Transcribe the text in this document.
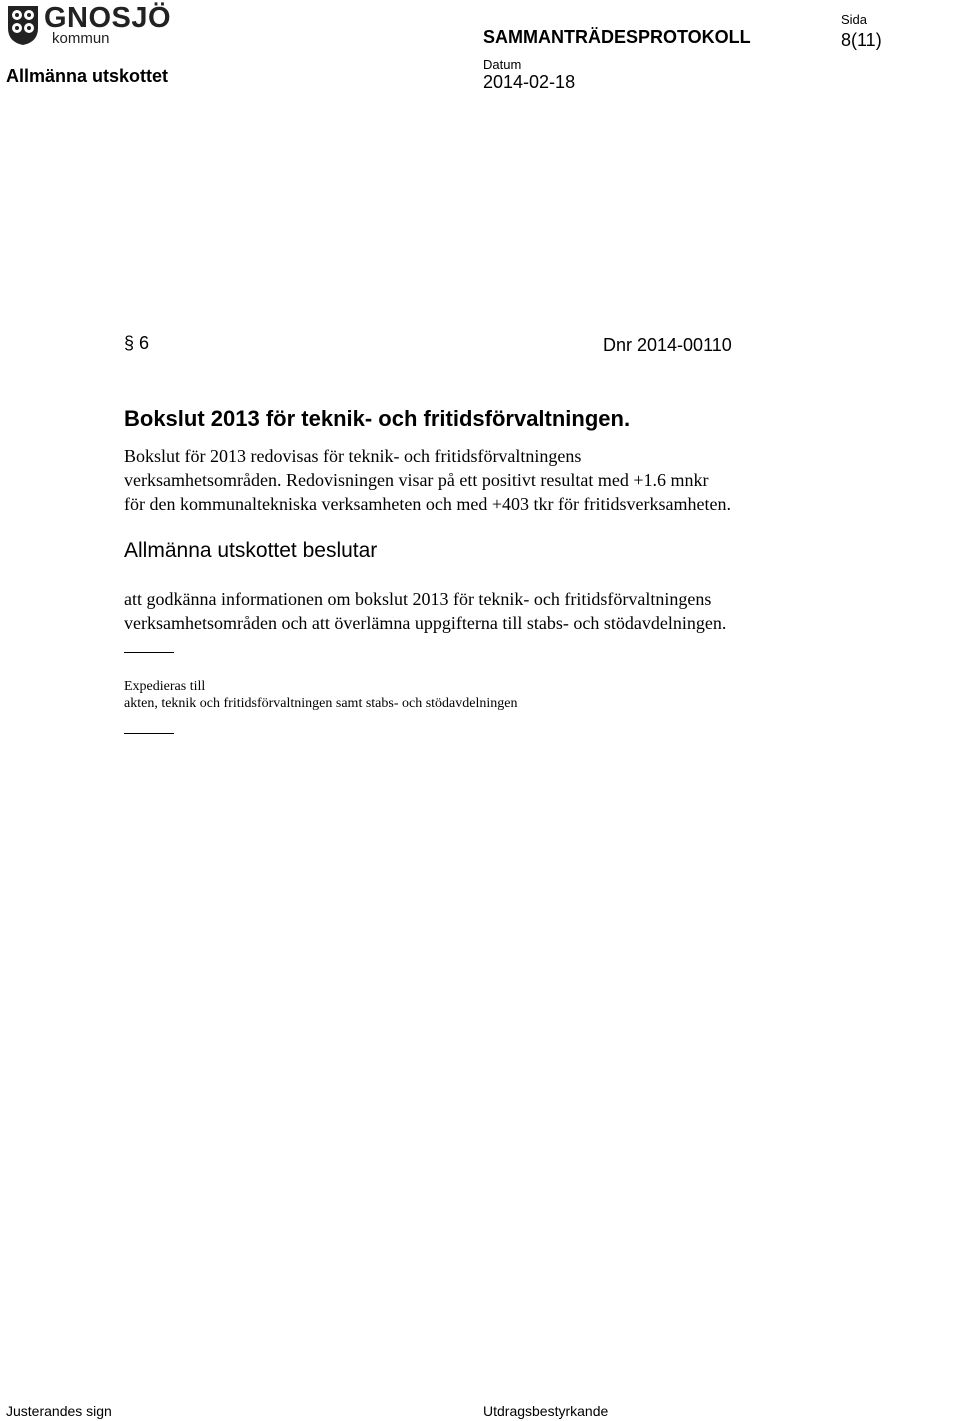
GNOSJÖ
kommun
Allmänna utskottet
SAMMANTRÄDESPROTOKOLL
Sida
8(11)
Datum
2014-02-18
§ 6	Dnr 2014-00110
Bokslut 2013 för teknik- och fritidsförvaltningen.
Bokslut för 2013 redovisas för teknik- och fritidsförvaltningens
verksamhetsområden. Redovisningen visar på ett positivt resultat med +1.6 mnkr
för den kommunaltekniska verksamheten och med +403 tkr för fritidsverksamheten.
Allmänna utskottet beslutar
att godkänna informationen om bokslut 2013 för teknik- och fritidsförvaltningens
verksamhetsområden och att överlämna uppgifterna till stabs- och stödavdelningen.
Expedieras till
akten, teknik och fritidsförvaltningen samt stabs- och stödavdelningen
Justerandes sign	Utdragsbestyrkande
